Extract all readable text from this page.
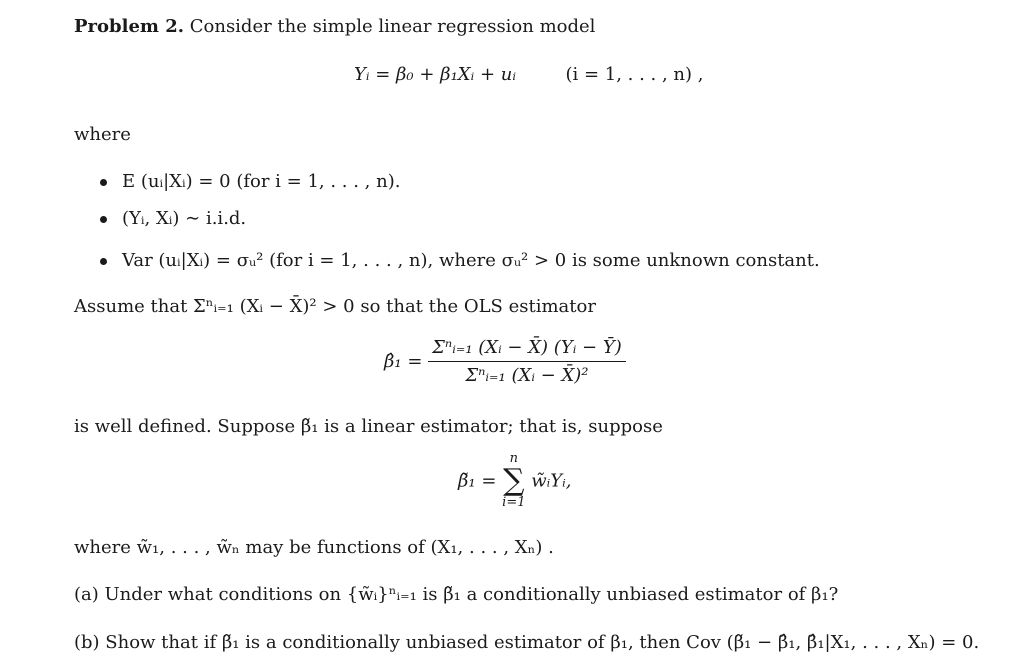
Problem 2. Consider the simple linear regression model
Yᵢ = β₀ + β₁Xᵢ + uᵢ	(i = 1, . . . , n) ,
where
E (uᵢ|Xᵢ) = 0 (for i = 1, . . . , n).
(Yᵢ, Xᵢ) ∼ i.i.d.
Var (uᵢ|Xᵢ) = σᵤ² (for i = 1, . . . , n), where σᵤ² > 0 is some unknown constant.
Assume that Σⁿᵢ₌₁ (Xᵢ − X̄)² > 0 so that the OLS estimator
β̂₁ = $\frac{\text{Σⁿᵢ₌₁ (Xᵢ − X̄) (Yᵢ − Ȳ)}}{\text{Σⁿᵢ₌₁ (Xᵢ − X̄)²}}$
is well defined. Suppose β̃₁ is a linear estimator; that is, suppose
β̃₁ =
n
∑
i=1
w̃ᵢYᵢ,
where w̃₁, . . . , w̃ₙ may be functions of (X₁, . . . , Xₙ) .
(a) Under what conditions on {w̃ᵢ}ⁿᵢ₌₁ is β̃₁ a conditionally unbiased estimator of β₁?
(b) Show that if β̃₁ is a conditionally unbiased estimator of β₁, then Cov (β̃₁ − β̂₁, β̂₁|X₁, . . . , Xₙ) = 0.
